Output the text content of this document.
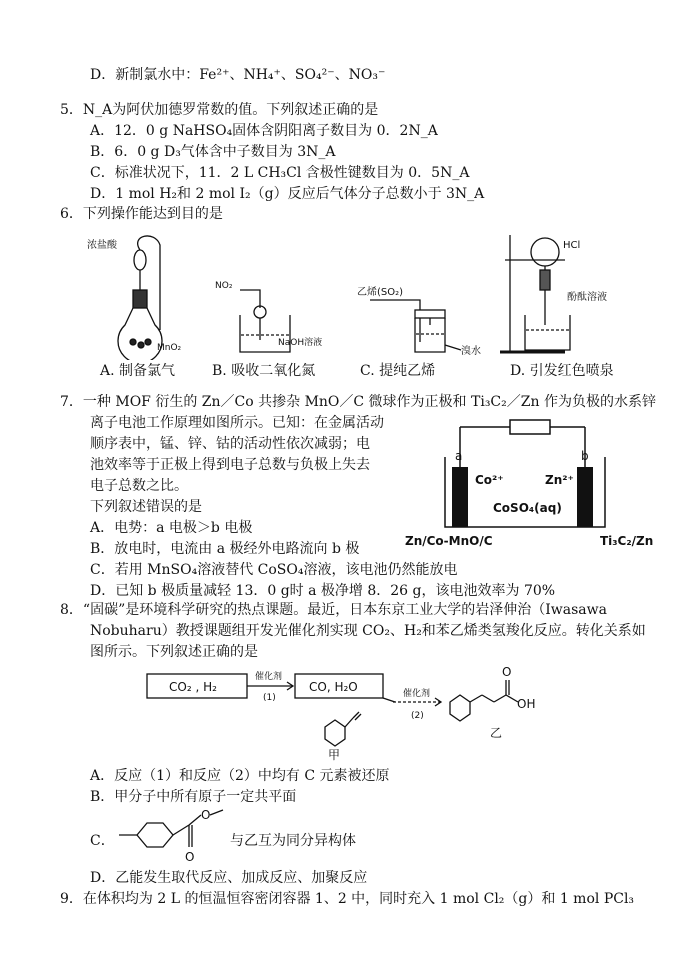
D．新制氯水中：Fe²⁺、NH₄⁺、SO₄²⁻、NO₃⁻
5．N_A为阿伏加德罗常数的值。下列叙述正确的是
A．12．0 g NaHSO₄固体含阴阳离子数目为 0．2N_A
B．6．0 g D₃气体含中子数目为 3N_A
C．标准状况下，11．2 L CH₃Cl 含极性键数目为 0．5N_A
D．1 mol H₂和 2 mol I₂（g）反应后气体分子总数小于 3N_A
6．下列操作能达到目的是
浓盐酸
MnO₂
NO₂
NaOH溶液
乙烯(SO₂)
溴水
HCl
酚酞溶液
A. 制备氯气	B. 吸收二氧化氮	C. 提纯乙烯	D. 引发红色喷泉
7．一种 MOF 衍生的 Zn／Co 共掺杂 MnO／C 微球作为正极和 Ti₃C₂／Zn 作为负极的水系锌
离子电池工作原理如图所示。已知：在金属活动
顺序表中，锰、锌、钴的活动性依次减弱；电
池效率等于正极上得到电子总数与负极上失去
电子总数之比。
下列叙述错误的是
A．电势：a 电极＞b 电极
B．放电时，电流由 a 极经外电路流向 b 极
C．若用 MnSO₄溶液替代 CoSO₄溶液，该电池仍然能放电
D．已知 b 极质量减轻 13．0 g时 a 极净增 8．26 g，该电池效率为 70%
a	b
Co²⁺	Zn²⁺
CoSO₄(aq)
Zn/Co-MnO/C	Ti₃C₂/Zn
8．“固碳”是环境科学研究的热点课题。最近，日本东京工业大学的岩泽伸治（Iwasawa
Nobuharu）教授课题组开发光催化剂实现 CO₂、H₂和苯乙烯类氢羧化反应。转化关系如
图所示。下列叙述正确的是
CO₂ , H₂	CO, H₂O
催化剂
(1)	催化剂
(2)
甲
乙
OH
O
A．反应（1）和反应（2）中均有 C 元素被还原
B．甲分子中所有原子一定共平面
C．
O
O
与乙互为同分异构体
D．乙能发生取代反应、加成反应、加聚反应
9．在体积均为 2 L 的恒温恒容密闭容器 1、2 中，同时充入 1 mol Cl₂（g）和 1 mol PCl₃
